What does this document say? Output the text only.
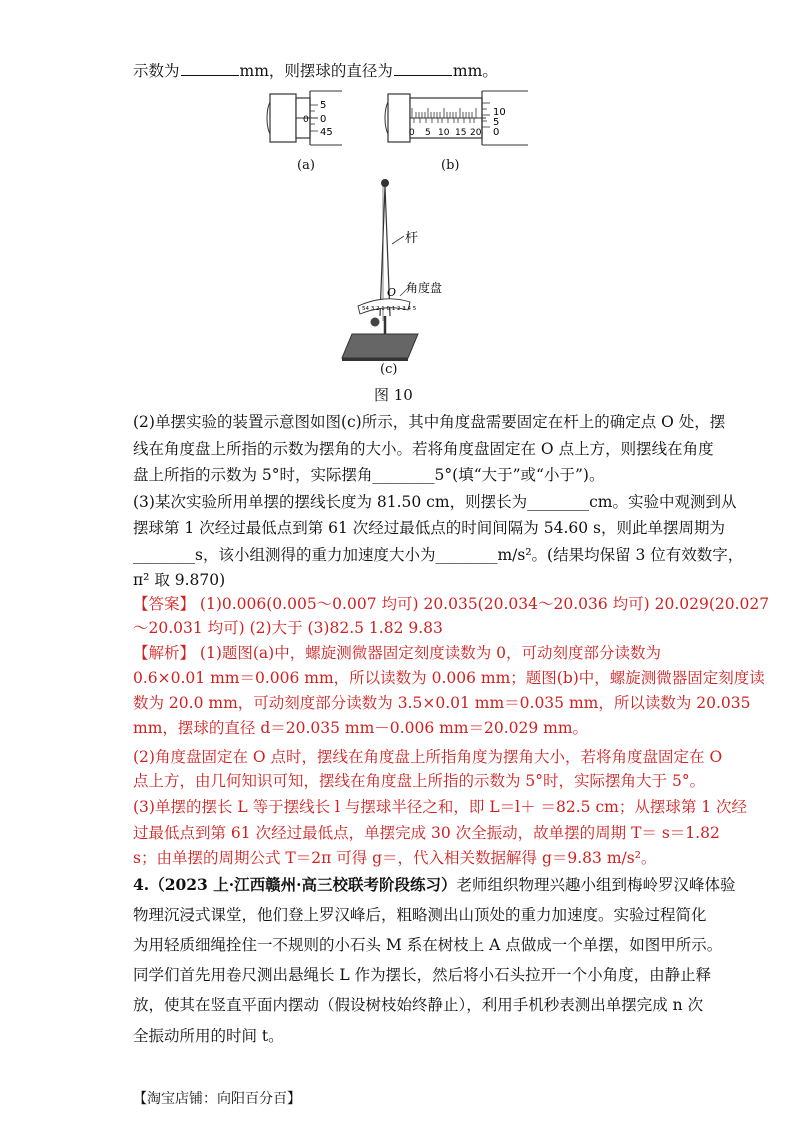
示数为	mm，则摆球的直径为	mm。
0
5
0
45
(a)
0 5 10 15 20
10
5
0
(b)
杆
54 3 2 1 0 1 2 3 4 5
O 角度盘
(c)
图 10
(2)单摆实验的装置示意图如图(c)所示，其中角度盘需要固定在杆上的确定点 O 处，摆
线在角度盘上所指的示数为摆角的大小。若将角度盘固定在 O 点上方，则摆线在角度
盘上所指的示数为 5°时，实际摆角________5°(填“大于”或“小于”)。
(3)某次实验所用单摆的摆线长度为 81.50 cm，则摆长为________cm。实验中观测到从
摆球第 1 次经过最低点到第 61 次经过最低点的时间间隔为 54.60 s，则此单摆周期为
________s，该小组测得的重力加速度大小为________m/s²。(结果均保留 3 位有效数字，
π² 取 9.870)
【答案】 (1)0.006(0.005～0.007 均可) 20.035(20.034～20.036 均可) 20.029(20.027
～20.031 均可) (2)大于 (3)82.5 1.82 9.83
【解析】 (1)题图(a)中，螺旋测微器固定刻度读数为 0，可动刻度部分读数为
0.6×0.01 mm＝0.006 mm，所以读数为 0.006 mm；题图(b)中，螺旋测微器固定刻度读
数为 20.0 mm，可动刻度部分读数为 3.5×0.01 mm＝0.035 mm，所以读数为 20.035
mm，摆球的直径 d＝20.035 mm－0.006 mm＝20.029 mm。
(2)角度盘固定在 O 点时，摆线在角度盘上所指角度为摆角大小，若将角度盘固定在 O
点上方，由几何知识可知，摆线在角度盘上所指的示数为 5°时，实际摆角大于 5°。
(3)单摆的摆长 L 等于摆线长 l 与摆球半径之和，即 L＝l＋ ＝82.5 cm；从摆球第 1 次经
过最低点到第 61 次经过最低点，单摆完成 30 次全振动，故单摆的周期 T＝ s＝1.82
s；由单摆的周期公式 T＝2π 可得 g＝，代入相关数据解得 g＝9.83 m/s²。
4.（2023 上·江西赣州·高三校联考阶段练习）老师组织物理兴趣小组到梅岭罗汉峰体验
物理沉浸式课堂，他们登上罗汉峰后，粗略测出山顶处的重力加速度。实验过程简化
为用轻质细绳拴住一不规则的小石头 M 系在树枝上 A 点做成一个单摆，如图甲所示。
同学们首先用卷尺测出悬绳长 L 作为摆长，然后将小石头拉开一个小角度，由静止释
放，使其在竖直平面内摆动（假设树枝始终静止），利用手机秒表测出单摆完成 n 次
全振动所用的时间 t。
【淘宝店铺：向阳百分百】
